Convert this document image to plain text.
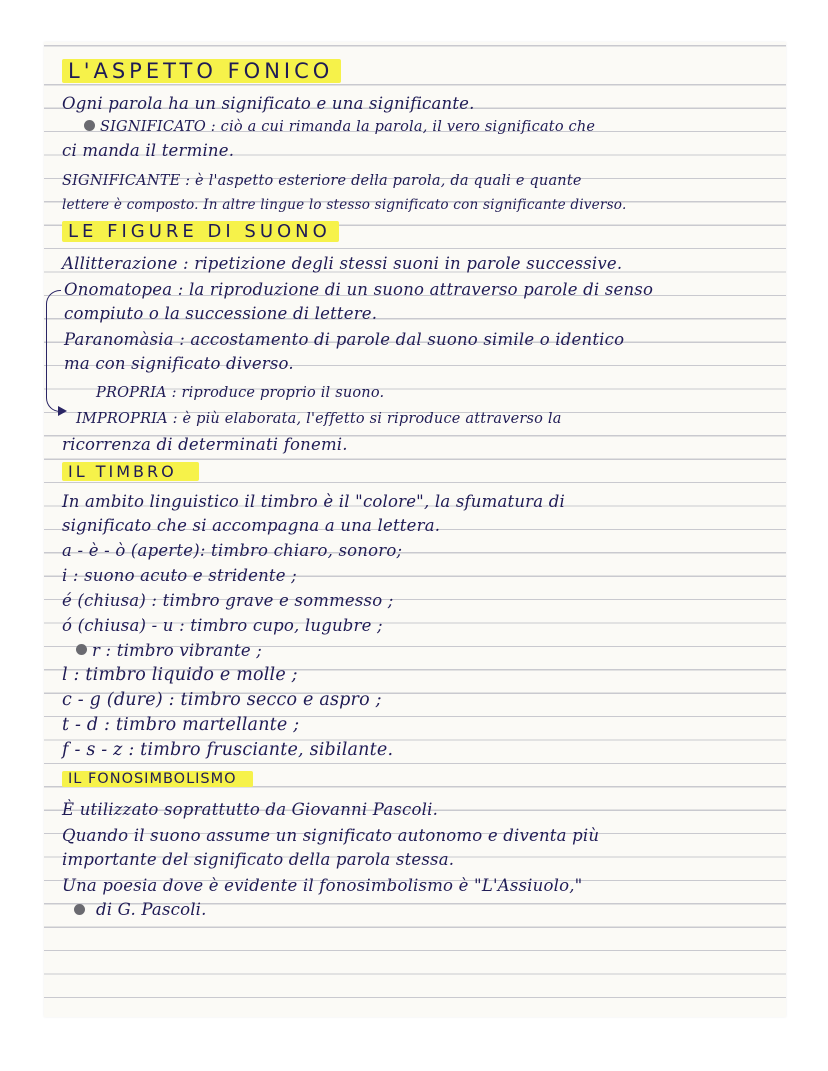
L'ASPETTO FONICO
Ogni parola ha un significato e una significante.
SIGNIFICATO : ciò a cui rimanda la parola, il vero significato che
ci manda il termine.
SIGNIFICANTE : è l'aspetto esteriore della parola, da quali e quante
lettere è composto. In altre lingue lo stesso significato con significante diverso.
LE FIGURE DI SUONO
Allitterazione : ripetizione degli stessi suoni in parole successive.
Onomatopea : la riproduzione di un suono attraverso parole di senso
compiuto o la successione di lettere.
Paranomàsia : accostamento di parole dal suono simile o identico
ma con significato diverso.
PROPRIA : riproduce proprio il suono.
IMPROPRIA : è più elaborata, l'effetto si riproduce attraverso la
ricorrenza di determinati fonemi.
IL TIMBRO
In ambito linguistico il timbro è il "colore", la sfumatura di
significato che si accompagna a una lettera.
a - è - ò (aperte): timbro chiaro, sonoro;
i : suono acuto e stridente ;
é (chiusa) : timbro grave e sommesso ;
ó (chiusa) - u : timbro cupo, lugubre ;
r : timbro vibrante ;
l : timbro liquido e molle ;
c - g (dure) : timbro secco e aspro ;
t - d : timbro martellante ;
f - s - z : timbro frusciante, sibilante.
IL FONOSIMBOLISMO
È utilizzato soprattutto da Giovanni Pascoli.
Quando il suono assume un significato autonomo e diventa più
importante del significato della parola stessa.
Una poesia dove è evidente il fonosimbolismo è "L'Assiuolo,"
di G. Pascoli.
